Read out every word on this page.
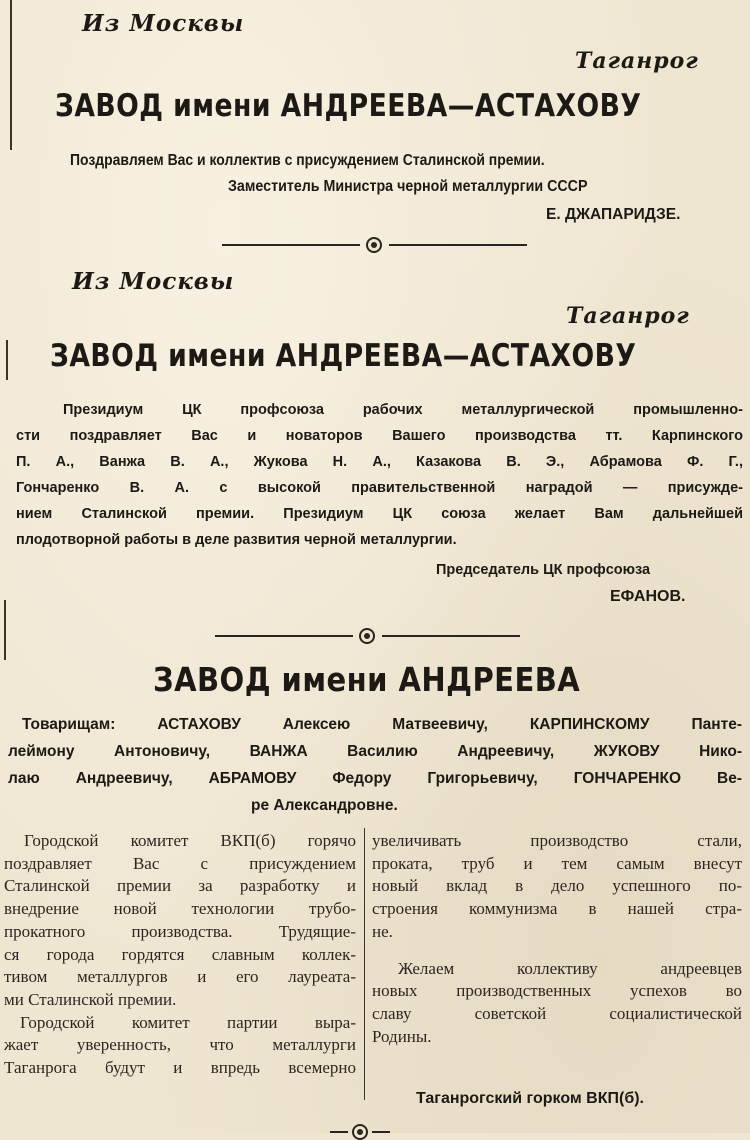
Из Москвы
Таганрог
ЗАВОД имени АНДРЕЕВА—АСТАХОВУ
Поздравляем Вас и коллектив с присуждением Сталинской премии.
Заместитель Министра черной металлургии СССР
Е. ДЖАПАРИДЗЕ.
Из Москвы
Таганрог
ЗАВОД имени АНДРЕЕВА—АСТАХОВУ
Президиум ЦК профсоюза рабочих металлургической промышленно-
сти поздравляет Вас и новаторов Вашего производства тт. Карпинского
П. А., Ванжа В. А., Жукова Н. А., Казакова В. Э., Абрамова Ф. Г.,
Гончаренко В. А. с высокой правительственной наградой — присужде-
нием Сталинской премии. Президиум ЦК союза желает Вам дальнейшей
плодотворной работы в деле развития черной металлургии.
Председатель ЦК профсоюза
ЕФАНОВ.
ЗАВОД имени АНДРЕЕВА
Товарищам: АСТАХОВУ Алексею Матвеевичу, КАРПИНСКОМУ Панте-
леймону Антоновичу, ВАНЖА Василию Андреевичу, ЖУКОВУ Нико-
лаю Андреевичу, АБРАМОВУ Федору Григорьевичу, ГОНЧАРЕНКО Ве-
ре Александровне.

Городской комитет ВКП(б) горячо

поздравляет Вас с присуждением

Сталинской премии за разработку и

внедрение новой технологии трубо-

прокатного производства. Трудящие-

ся города гордятся славным коллек-

тивом металлургов и его лауреата-

ми Сталинской премии.

Городской комитет партии выра-

жает уверенность, что металлурги

Таганрога будут и впредь всемерно

увеличивать производство стали,

проката, труб и тем самым внесут

новый вклад в дело успешного по-

строения коммунизма в нашей стра-

не.

Желаем коллективу андреевцев

новых производственных успехов во

славу советской социалистической

Родины.

Таганрогский горком ВКП(б).
